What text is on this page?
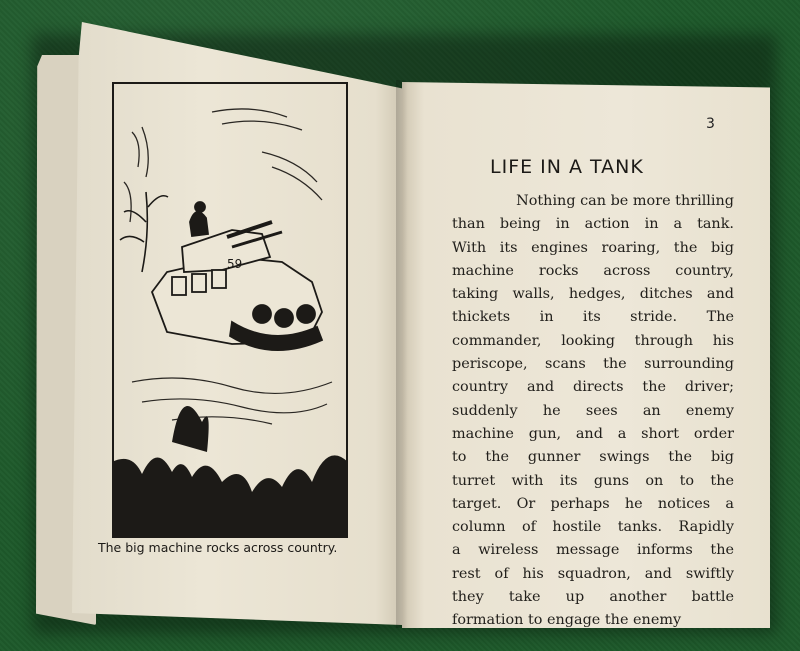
59
The big machine rocks across country.
3
LIFE IN A TANK
Nothing can be more thrilling
than being in action in a tank.
With its engines roaring, the big
machine rocks across country,
taking walls, hedges, ditches and
thickets in its stride. The
commander, looking through his
periscope, scans the surrounding
country and directs the driver;
suddenly he sees an enemy
machine gun, and a short order
to the gunner swings the big
turret with its guns on to the
target. Or perhaps he notices a
column of hostile tanks. Rapidly
a wireless message informs the
rest of his squadron, and swiftly
they take up another battle
formation to engage the enemy
